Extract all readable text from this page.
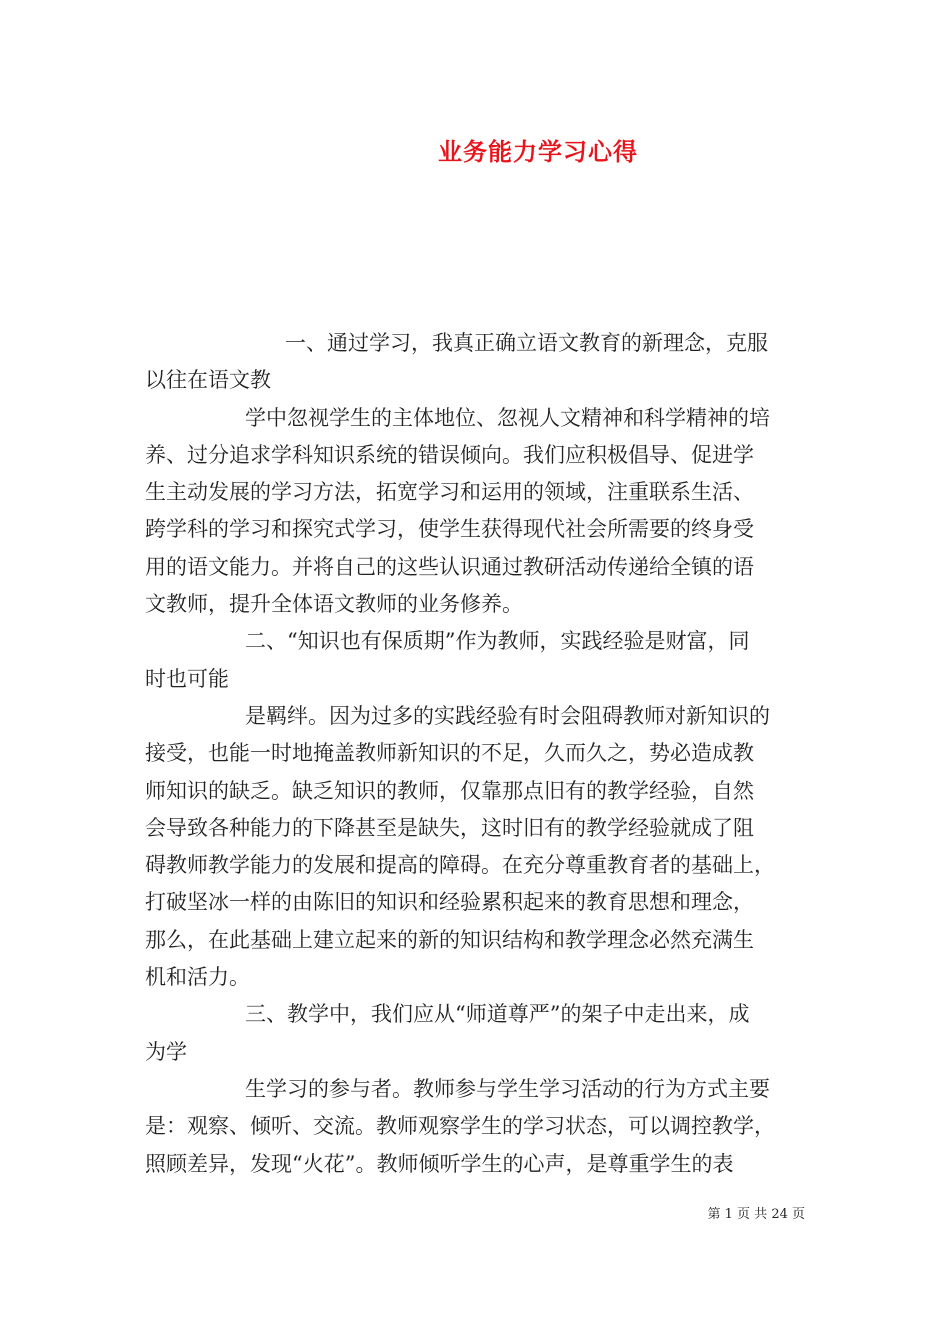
业务能力学习心得
一、通过学习，我真正确立语文教育的新理念，克服
以往在语文教
学中忽视学生的主体地位、忽视人文精神和科学精神的培
养、过分追求学科知识系统的错误倾向。我们应积极倡导、促进学
生主动发展的学习方法，拓宽学习和运用的领域，注重联系生活、
跨学科的学习和探究式学习，使学生获得现代社会所需要的终身受
用的语文能力。并将自己的这些认识通过教研活动传递给全镇的语
文教师，提升全体语文教师的业务修养。
二、“知识也有保质期”作为教师，实践经验是财富，同
时也可能
是羁绊。因为过多的实践经验有时会阻碍教师对新知识的
接受，也能一时地掩盖教师新知识的不足，久而久之，势必造成教
师知识的缺乏。缺乏知识的教师，仅靠那点旧有的教学经验，自然
会导致各种能力的下降甚至是缺失，这时旧有的教学经验就成了阻
碍教师教学能力的发展和提高的障碍。在充分尊重教育者的基础上，
打破坚冰一样的由陈旧的知识和经验累积起来的教育思想和理念，
那么，在此基础上建立起来的新的知识结构和教学理念必然充满生
机和活力。
三、教学中，我们应从“师道尊严”的架子中走出来，成
为学
生学习的参与者。教师参与学生学习活动的行为方式主要
是：观察、倾听、交流。教师观察学生的学习状态，可以调控教学，
照顾差异，发现“火花”。教师倾听学生的心声，是尊重学生的表
第 1 页 共 24 页
